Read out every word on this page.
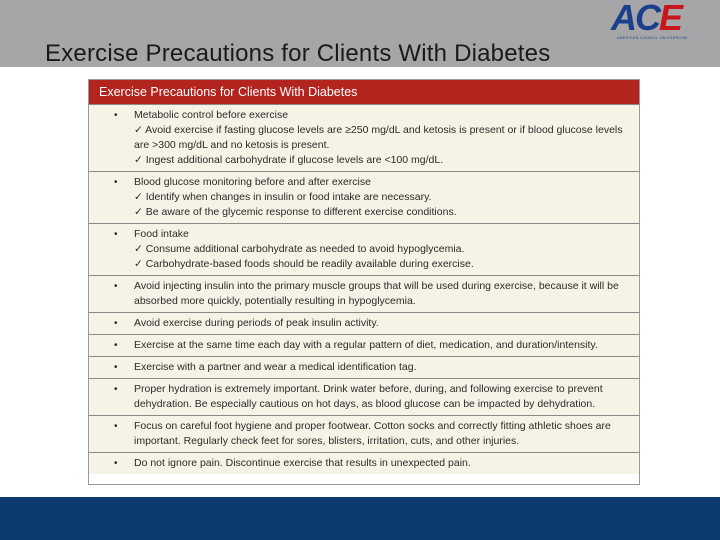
Exercise Precautions for Clients With Diabetes
ACE
AMERICAN COUNCIL ON EXERCISE
Exercise Precautions for Clients With Diabetes
• Metabolic control before exercise
✓ Avoid exercise if fasting glucose levels are ≥250 mg/dL and ketosis is present or if blood glucose levels are >300 mg/dL and no ketosis is present.
✓ Ingest additional carbohydrate if glucose levels are <100 mg/dL.
• Blood glucose monitoring before and after exercise
✓ Identify when changes in insulin or food intake are necessary.
✓ Be aware of the glycemic response to different exercise conditions.
• Food intake
✓ Consume additional carbohydrate as needed to avoid hypoglycemia.
✓ Carbohydrate-based foods should be readily available during exercise.
• Avoid injecting insulin into the primary muscle groups that will be used during exercise, because it will be absorbed more quickly, potentially resulting in hypoglycemia.
• Avoid exercise during periods of peak insulin activity.
• Exercise at the same time each day with a regular pattern of diet, medication, and duration/intensity.
• Exercise with a partner and wear a medical identification tag.
• Proper hydration is extremely important. Drink water before, during, and following exercise to prevent dehydration. Be especially cautious on hot days, as blood glucose can be impacted by dehydration.
• Focus on careful foot hygiene and proper footwear. Cotton socks and correctly fitting athletic shoes are important. Regularly check feet for sores, blisters, irritation, cuts, and other injuries.
• Do not ignore pain. Discontinue exercise that results in unexpected pain.
